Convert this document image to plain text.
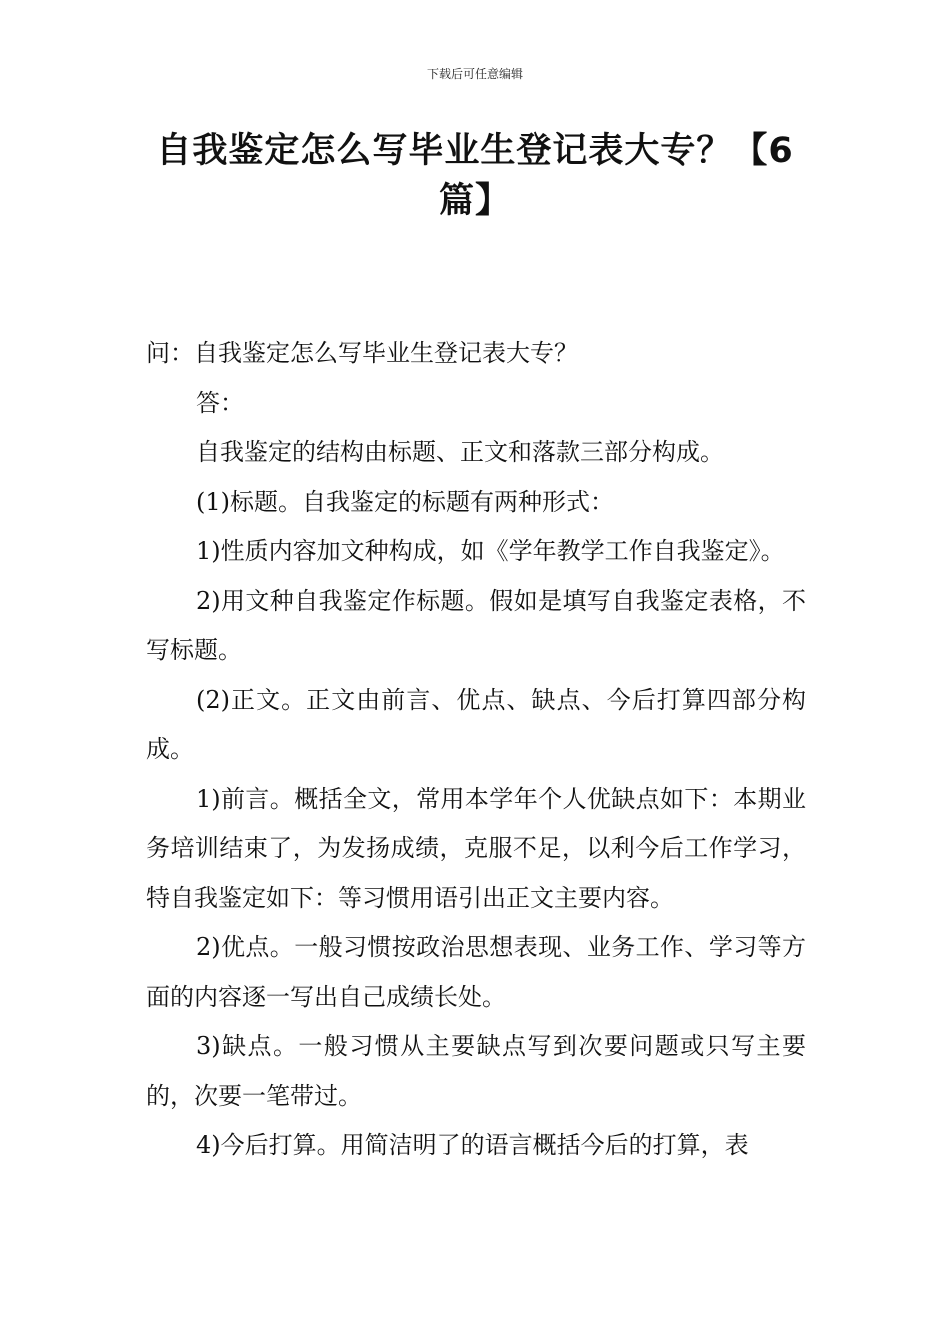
下载后可任意编辑
自我鉴定怎么写毕业生登记表大专？【6篇】

问：自我鉴定怎么写毕业生登记表大专？

答：

自我鉴定的结构由标题、正文和落款三部分构成。

(1)标题。自我鉴定的标题有两种形式：

1)性质内容加文种构成，如《学年教学工作自我鉴定》。

2)用文种自我鉴定作标题。假如是填写自我鉴定表格，不写标题。

(2)正文。正文由前言、优点、缺点、今后打算四部分构成。

1)前言。概括全文，常用本学年个人优缺点如下：本期业务培训结束了，为发扬成绩，克服不足，以利今后工作学习，特自我鉴定如下：等习惯用语引出正文主要内容。

2)优点。一般习惯按政治思想表现、业务工作、学习等方面的内容逐一写出自己成绩长处。

3)缺点。一般习惯从主要缺点写到次要问题或只写主要的，次要一笔带过。

4)今后打算。用简洁明了的语言概括今后的打算，表
